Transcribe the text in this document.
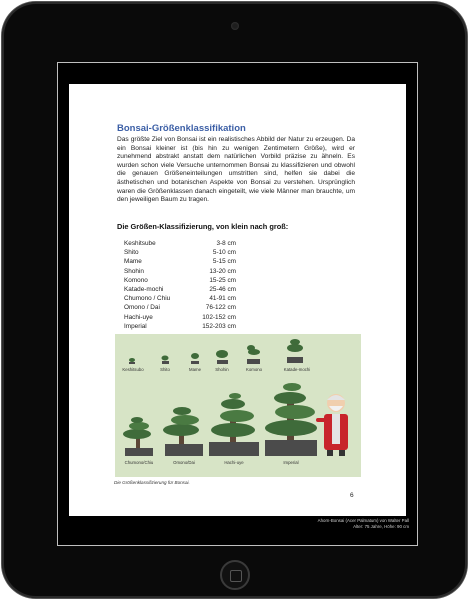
Bonsai-Größenklassifikation
Das größte Ziel von Bonsai ist ein realistisches Abbild der Natur zu erzeugen. Da ein Bonsai kleiner ist (bis hin zu wenigen Zentimetern Größe), wird er zunehmend abstrakt anstatt dem natürlichen Vorbild präzise zu ähneln. Es wurden schon viele Versuche unternommen Bonsai zu klassifizieren und obwohl die genauen Größeneinteilungen umstritten sind, helfen sie dabei die ästhetischen und botanischen Aspekte von Bonsai zu verstehen. Ursprünglich waren die Größenklassen danach eingeteilt, wie viele Männer man brauchte, um den jeweiligen Baum zu tragen.
Die Größen-Klassifizierung, von klein nach groß:
Keshitsube	3-8 cm
Shito	5-10 cm
Mame	5-15 cm
Shohin	13-20 cm
Komono	15-25 cm
Katade-mochi	25-46 cm
Chumono / Chiu	41-91 cm
Omono / Dai	76-122 cm
Hachi-uye	102-152 cm
Imperial	152-203 cm
Keshitsubo	Shito	Mame	Shohin	Komono	Katade-mochi
Chumono/Chiu	Omono/Dai	Hachi-uye	Imperial
Die Größenklassifizierung für Bonsai.
6
Ahorn-Bonsai (Acer Palmatum) von Walter Pall
Alter: 75 Jahre, Höhe: 90 cm
